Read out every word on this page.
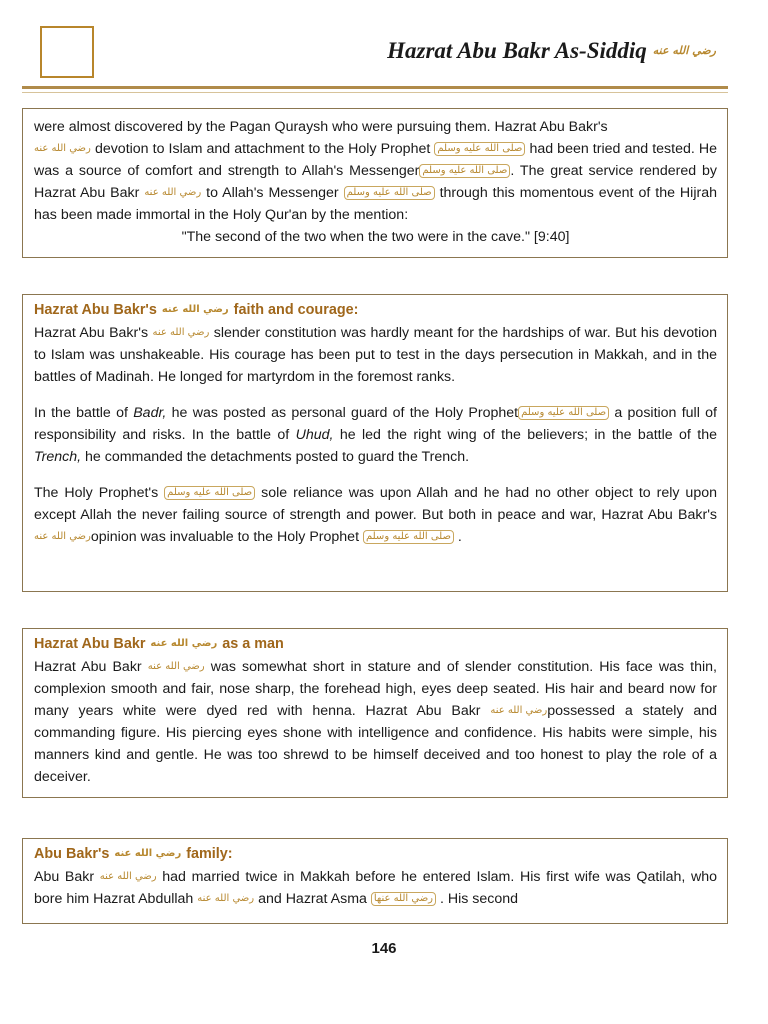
Hazrat Abu Bakr As-Siddiq رضي الله عنه

were almost discovered by the Pagan Quraysh who were pursuing them. Hazrat Abu Bakr's
رضي الله عنه devotion to Islam and attachment to the Holy Prophet صلى الله عليه وسلم had been tried and tested. He was a source of comfort and strength to Allah's Messenger صلى الله عليه وسلم . The great service rendered by Hazrat Abu Bakr رضي الله عنه to Allah's Messenger صلى الله عليه وسلم through this momentous event of the Hijrah has been made immortal in the Holy Qur'an by the mention:

"The second of the two when the two were in the cave." [9:40]

Hazrat Abu Bakr's رضي الله عنه faith and courage:

Hazrat Abu Bakr's رضي الله عنه slender constitution was hardly meant for the hardships of war. But his devotion to Islam was unshakeable. His courage has been put to test in the days persecution in Makkah, and in the battles of Madinah. He longed for martyrdom in the foremost ranks.

In the battle of Badr, he was posted as personal guard of the Holy Prophet صلى الله عليه وسلم a position full of responsibility and risks. In the battle of Uhud, he led the right wing of the believers; in the battle of the Trench, he commanded the detachments posted to guard the Trench.

The Holy Prophet's صلى الله عليه وسلم sole reliance was upon Allah and he had no other object to rely upon except Allah the never failing source of strength and power. But both in peace and war, Hazrat Abu Bakr's رضي الله عنهopinion was invaluable to the Holy Prophet صلى الله عليه وسلم .

Hazrat Abu Bakr رضي الله عنه as a man

Hazrat Abu Bakr رضي الله عنه was somewhat short in stature and of slender constitution. His face was thin, complexion smooth and fair, nose sharp, the forehead high, eyes deep seated. His hair and beard now for many years white were dyed red with henna. Hazrat Abu Bakr رضي الله عنهpossessed a stately and commanding figure. His piercing eyes shone with intelligence and confidence. His habits were simple, his manners kind and gentle. He was too shrewd to be himself deceived and too honest to play the role of a deceiver.

Abu Bakr's رضي الله عنه family:

Abu Bakr رضي الله عنه had married twice in Makkah before he entered Islam. His first wife was Qatilah, who bore him Hazrat Abdullah رضي الله عنه and Hazrat Asma رضي الله عنها . His second

146
